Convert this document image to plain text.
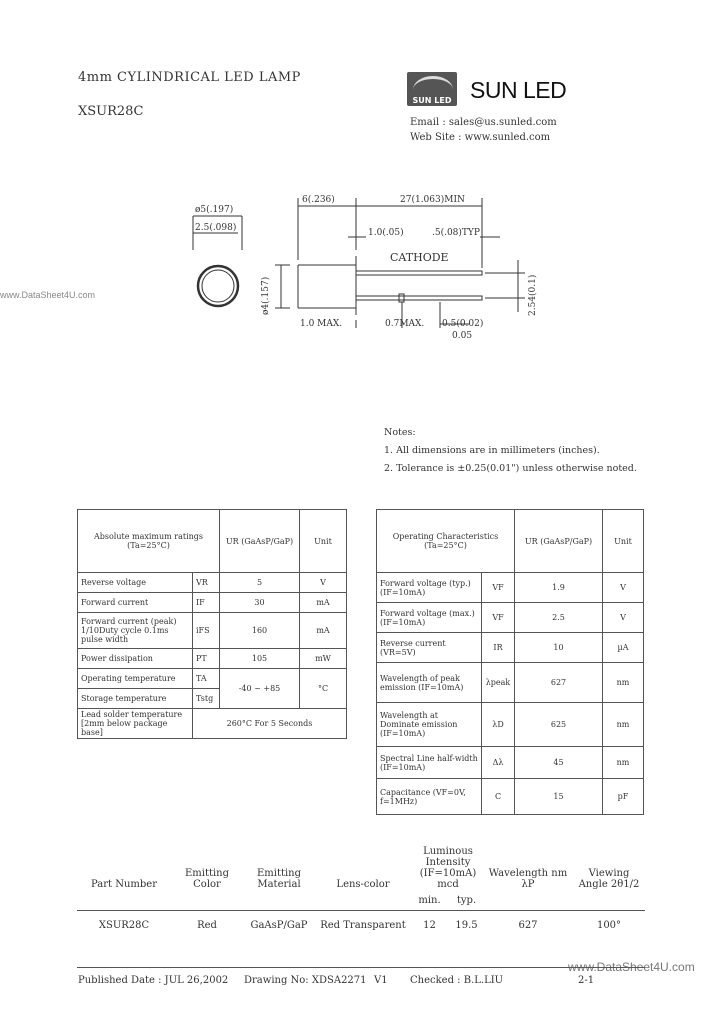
4mm CYLINDRICAL LED LAMP
XSUR28C
SUN LED SUN LED
Email : sales@us.sunled.com
Web Site : www.sunled.com
www.DataSheet4U.com
ø5(.197)
2.5(.098)
6(.236)	27(1.063)MIN
1.0(.05)	.5(.08)TYP
CATHODE
ø4(.157)
1.0 MAX.	0.7MAX. 0.5(0.02)
0.05
2.54(0.1)
Notes:
1. All dimensions are in millimeters (inches).
2. Tolerance is ±0.25(0.01") unless otherwise noted.
Absolute maximum ratings (Ta=25°C)		UR (GaAsP/GaP)	Unit
Reverse voltage	VR	5	V
Forward current	IF	30	mA
Forward current (peak) 1/10Duty cycle 0.1ms pulse width	iFS	160	mA
Power dissipation	PT	105	mW
Operating temperature	TA	-40 ~ +85	°C
Storage temperature	Tstg		
Lead solder temperature [2mm below package base]	260°C For 5 Seconds		
Operating Characteristics (Ta=25°C)		UR (GaAsP/GaP)	Unit
Forward voltage (typ.) (IF=10mA)	VF	1.9	V
Forward voltage (max.) (IF=10mA)	VF	2.5	V
Reverse current (VR=5V)	IR	10	µA
Wavelength of peak emission (IF=10mA)	λpeak	627	nm
Wavelength at Dominate emission (IF=10mA)	λD	625	nm
Spectral Line half-width (IF=10mA)	Δλ	45	nm
Capacitance (VF=0V, f=1MHz)	C	15	pF
Part Number	Emitting Color	Emitting Material	Lens-color	Luminous Intensity (IF=10mA) mcd		Wavelength nm λP	Viewing Angle 2θ1/2
				min.	typ.		
XSUR28C	Red	GaAsP/GaP	Red Transparent	12	19.5	627	100°
www.DataSheet4U.com
Published Date : JUL 26,2002 Drawing No: XDSA2271 V1 Checked : B.L.LIU	2-1
